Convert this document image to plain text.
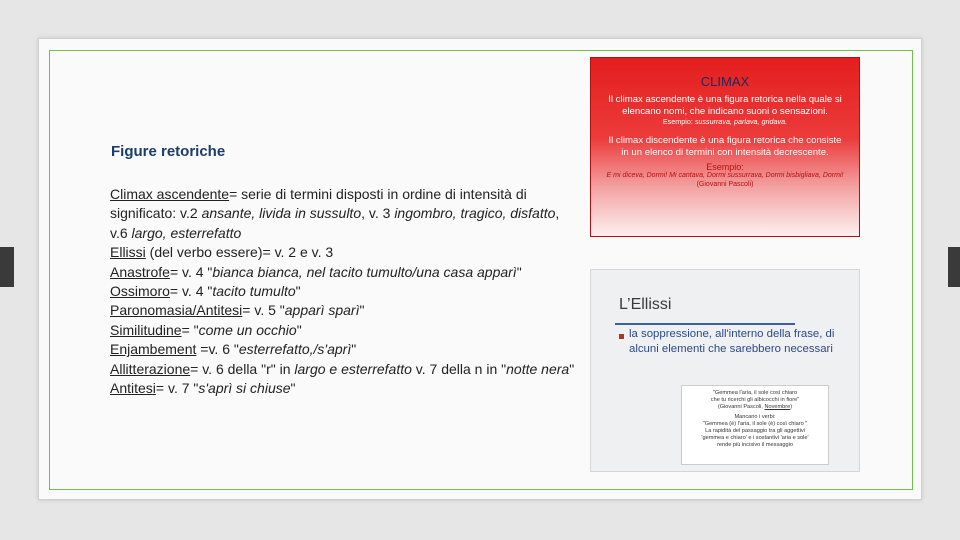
Figure retoriche
Climax ascendente= serie di termini disposti in ordine di intensità di significato: v.2 ansante, livida in sussulto, v. 3 ingombro, tragico, disfatto, v.6 largo, esterrefatto
Ellissi (del verbo essere)= v. 2 e v. 3
Anastrofe= v. 4 "bianca bianca, nel tacito tumulto/una casa apparì"
Ossimoro= v. 4 "tacito tumulto"
Paronomasia/Antitesi= v. 5 "apparì sparì"
Similitudine= "come un occhio"
Enjambement =v. 6 "esterrefatto,/s'aprì"
Allitterazione= v. 6 della "r" in largo e esterrefatto v. 7 della n in "notte nera"
Antitesi= v. 7 "s'aprì si chiuse"
CLIMAX
Il climax ascendente è una figura retorica nella quale si elencano nomi, che indicano suoni o sensazioni.
Esempio: sussurrava, parlava, gridava.
Il climax discendente è una figura retorica che consiste in un elenco di termini con intensità decrescente.
Esempio:
E mi diceva, Dormi! Mi cantava, Dormi sussurrava, Dormi bisbigliava, Dormi!
(Giovanni Pascoli)
L’Ellissi
la soppressione, all'interno della frase, di alcuni elementi che sarebbero necessari
"Gemmea l'aria, il sole così chiaro
che tu ricerchi gli albicocchi in fiore"
(Giovanni Pascoli, Novembre)
Mancano i verbi:
"Gemmea (è) l'aria, il sole (è) così chiaro "
La rapidità del passaggio tra gli aggettivi
'gemmea e chiaro' e i sostantivi 'aria e sole'
rende più incisivo il messaggio
